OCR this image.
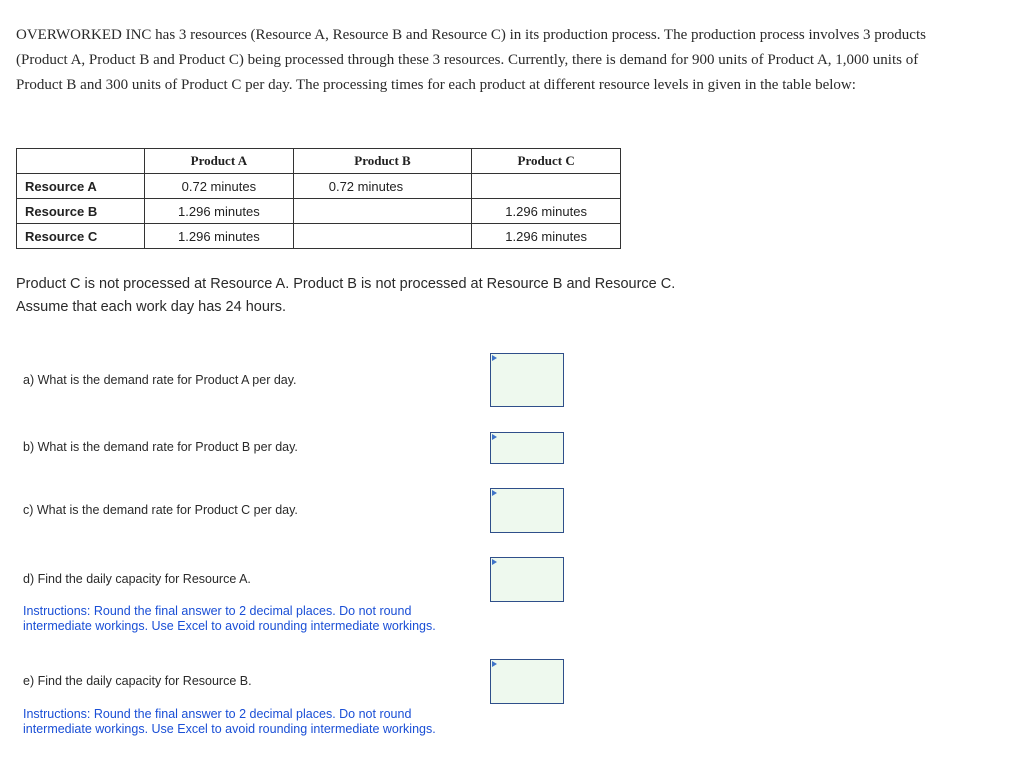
OVERWORKED INC has 3 resources (Resource A, Resource B and Resource C) in its production process. The production process involves 3 products (Product A, Product B and Product C) being processed through these 3 resources. Currently, there is demand for 900 units of Product A, 1,000 units of Product B and 300 units of Product C per day. The processing times for each product at different resource levels in given in the table below:

	Product A	Product B	Product C
Resource A	0.72 minutes	0.72 minutes	
Resource B	1.296 minutes		1.296 minutes
Resource C	1.296 minutes		1.296 minutes
Product C is not processed at Resource A. Product B is not processed at Resource B and Resource C.
Assume that each work day has 24 hours.
a) What is the demand rate for Product A per day.
b) What is the demand rate for Product B per day.
c) What is the demand rate for Product C per day.
d) Find the daily capacity for Resource A.
Instructions: Round the final answer to 2 decimal places. Do not round intermediate workings. Use Excel to avoid rounding intermediate workings.
e) Find the daily capacity for Resource B.
Instructions: Round the final answer to 2 decimal places. Do not round intermediate workings. Use Excel to avoid rounding intermediate workings.
